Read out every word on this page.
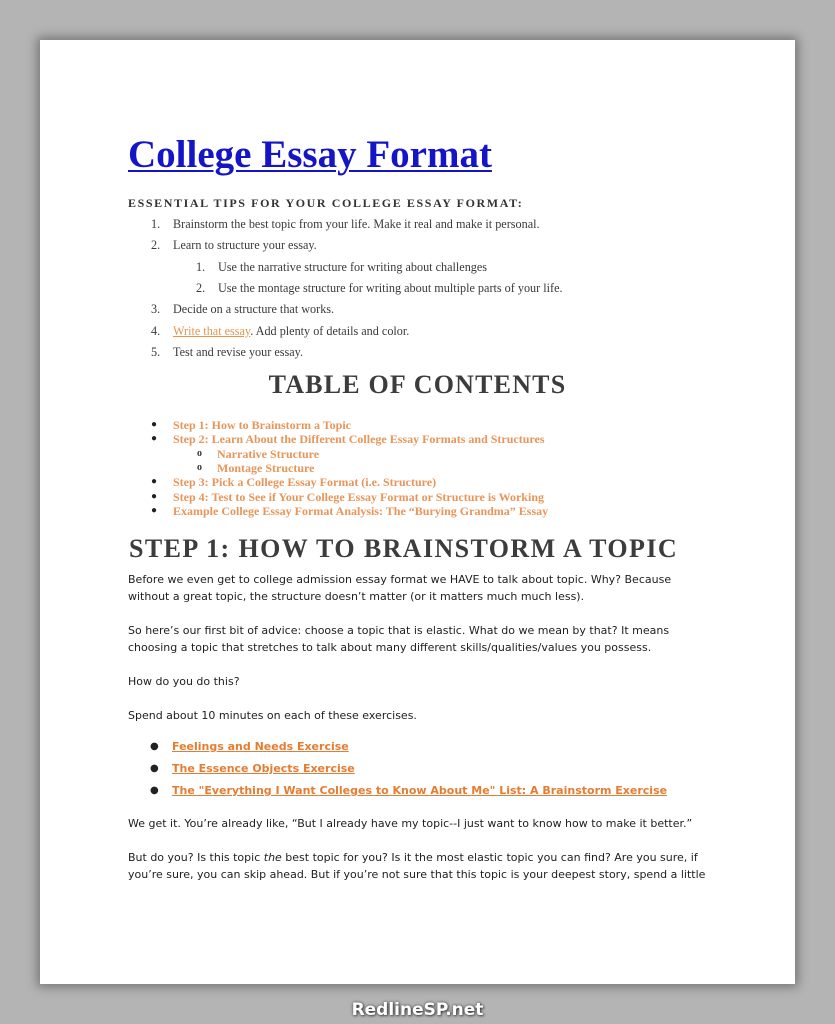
College Essay Format

ESSENTIAL TIPS FOR YOUR COLLEGE ESSAY FORMAT:

1. Brainstorm the best topic from your life. Make it real and make it personal.
2. Learn to structure your essay.
1. Use the narrative structure for writing about challenges
2. Use the montage structure for writing about multiple parts of your life.
3. Decide on a structure that works.
4. Write that essay. Add plenty of details and color.
5. Test and revise your essay.
TABLE OF CONTENTS
● Step 1: How to Brainstorm a Topic
● Step 2: Learn About the Different College Essay Formats and Structures
o Narrative Structure
o Montage Structure
● Step 3: Pick a College Essay Format (i.e. Structure)
● Step 4: Test to See if Your College Essay Format or Structure is Working
● Example College Essay Format Analysis: The “Burying Grandma” Essay
STEP 1: HOW TO BRAINSTORM A TOPIC

Before we even get to college admission essay format we HAVE to talk about topic. Why? Because
without a great topic, the structure doesn’t matter (or it matters much much less).

So here’s our first bit of advice: choose a topic that is elastic. What do we mean by that? It means
choosing a topic that stretches to talk about many different skills/qualities/values you possess.

How do you do this?

Spend about 10 minutes on each of these exercises.

● Feelings and Needs Exercise
● The Essence Objects Exercise
● The "Everything I Want Colleges to Know About Me" List: A Brainstorm Exercise

We get it. You’re already like, “But I already have my topic--I just want to know how to make it better.”

But do you? Is this topic the best topic for you? Is it the most elastic topic you can find? Are you sure, if
you’re sure, you can skip ahead. But if you’re not sure that this topic is your deepest story, spend a little

RedlineSP.net
